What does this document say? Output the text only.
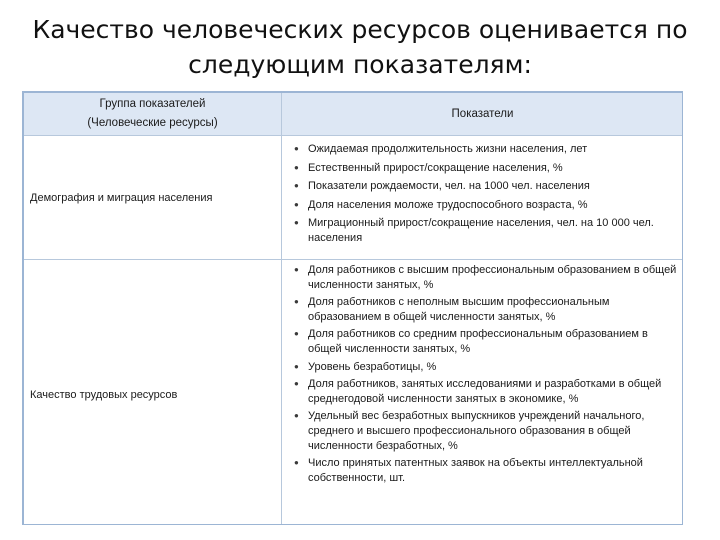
Качество человеческих ресурсов оценивается по
следующим показателям:
Группа показателей
(Человеческие ресурсы)
Показатели
Демография и миграция населения
● Ожидаемая продолжительность жизни населения, лет
● Естественный прирост/сокращение населения, %
● Показатели рождаемости, чел. на 1000 чел. населения
● Доля населения моложе трудоспособного возраста, %
● Миграционный прирост/сокращение населения, чел. на 10 000 чел. населения
Качество трудовых ресурсов
● Доля работников с высшим профессиональным образованием в общей численности занятых, %
● Доля работников с неполным высшим профессиональным образованием в общей численности занятых, %
● Доля работников со средним профессиональным образованием в общей численности занятых, %
● Уровень безработицы, %
● Доля работников, занятых исследованиями и разработками в общей среднегодовой численности занятых в экономике, %
● Удельный вес безработных выпускников учреждений начального, среднего и высшего профессионального образования в общей численности безработных, %
● Число принятых патентных заявок на объекты интеллектуальной собственности, шт.
